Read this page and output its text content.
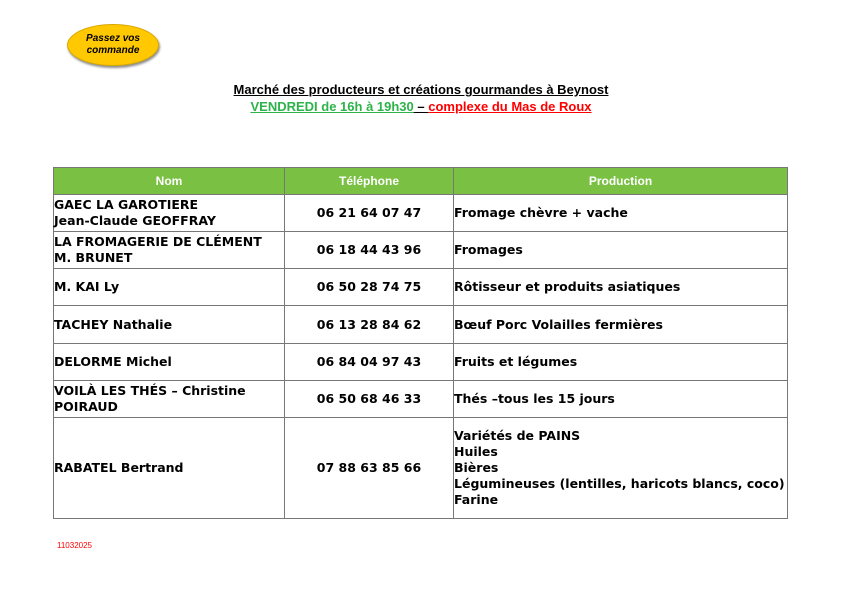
Passez vos
commande
Marché des producteurs et créations gourmandes à Beynost
VENDREDI de 16h à 19h30 – complexe du Mas de Roux
Nom	Téléphone	Production

GAEC LA GAROTIERE
Jean-Claude GEOFFRAY	06 21 64 07 47	Fromage chèvre + vache

LA FROMAGERIE DE CLÉMENT
M. BRUNET	06 18 44 43 96	Fromages

M. KAI Ly	06 50 28 74 75	Rôtisseur et produits asiatiques

TACHEY Nathalie	06 13 28 84 62	Bœuf Porc Volailles fermières

DELORME Michel	06 84 04 97 43	Fruits et légumes

VOILÀ LES THÉS – Christine
POIRAUD	06 50 68 46 33	Thés –tous les 15 jours

RABATEL Bertrand	07 88 63 85 66	Variétés de PAINS
Huiles
Bières
Légumineuses (lentilles, haricots blancs, coco)
Farine
11032025
